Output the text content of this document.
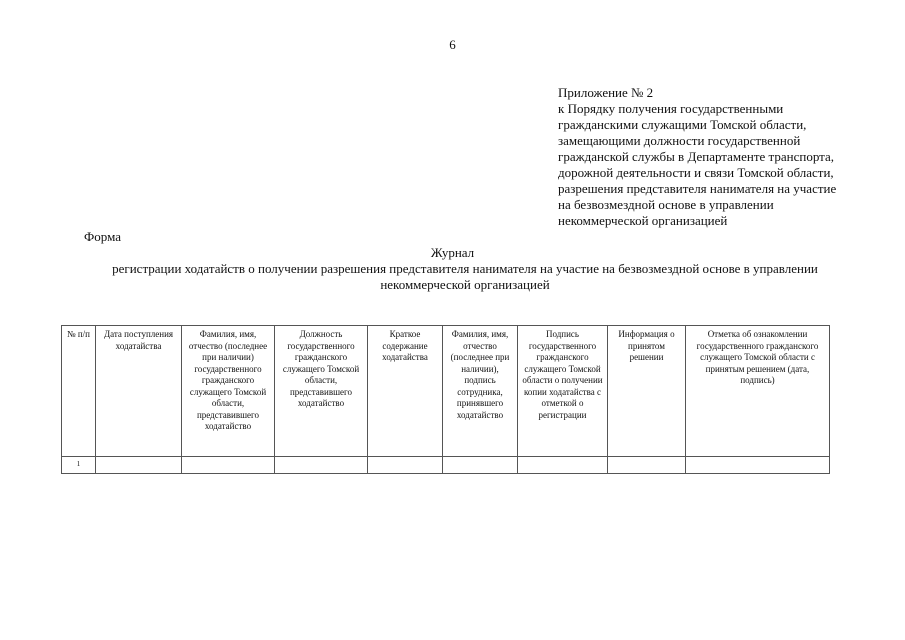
6
Приложение № 2
к Порядку получения государственными
гражданскими служащими Томской области,
замещающими должности государственной
гражданской службы в Департаменте транспорта,
дорожной деятельности и связи Томской области,
разрешения представителя нанимателя на участие
на безвозмездной основе в управлении
некоммерческой организацией
Форма
Журнал
регистрации ходатайств о получении разрешения представителя нанимателя на участие на безвозмездной основе в управлении некоммерческой организацией
№ п/п	Дата поступления ходатайства	Фамилия, имя, отчество (последнее при наличии) государственного гражданского служащего Томской области, представившего ходатайство	Должность государственного гражданского служащего Томской области, представившего ходатайство	Краткое содержание ходатайства	Фамилия, имя, отчество (последнее при наличии), подпись сотрудника, принявшего ходатайство	Подпись государственного гражданского служащего Томской области о получении копии ходатайства с отметкой о регистрации	Информация о принятом решении	Отметка об ознакомлении государственного гражданского служащего Томской области с принятым решением (дата, подпись)
1								
